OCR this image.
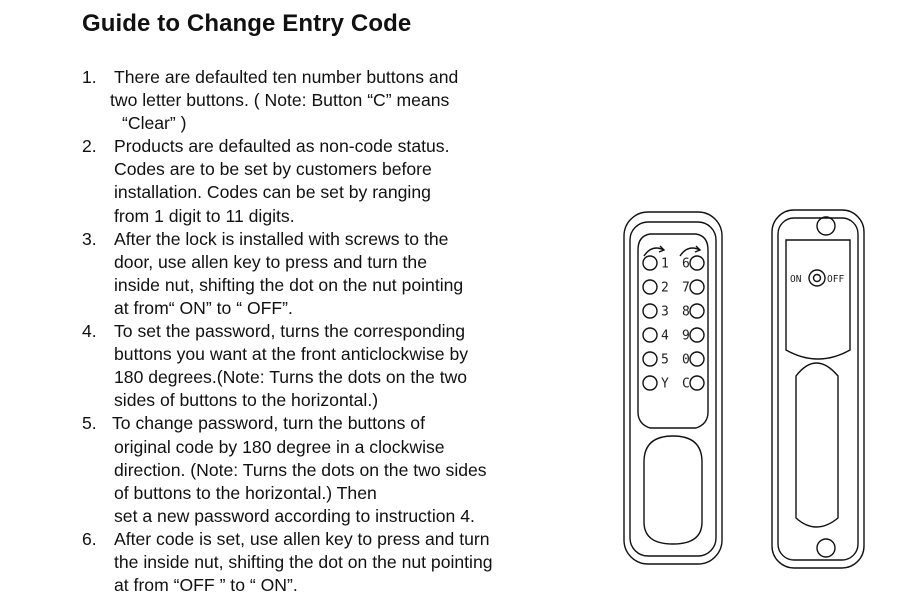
Guide to Change Entry Code
1. There are defaulted ten number buttons and
two letter buttons. ( Note: Button “C” means
“Clear” )
2. Products are defaulted as non-code status.
Codes are to be set by customers before
installation. Codes can be set by ranging
from 1 digit to 11 digits.
3. After the lock is installed with screws to the
door, use allen key to press and turn the
inside nut, shifting the dot on the nut pointing
at from“ ON” to “ OFF”.
4. To set the password, turns the corresponding
buttons you want at the front anticlockwise by
180 degrees.(Note: Turns the dots on the two
sides of buttons to the horizontal.)
5. To change password, turn the buttons of
original code by 180 degree in a clockwise
direction. (Note: Turns the dots on the two sides
of buttons to the horizontal.) Then
set a new password according to instruction 4.
6. After code is set, use allen key to press and turn
the inside nut, shifting the dot on the nut pointing
at from “OFF ” to “ ON”.
1
2
3
4
5
Y
6
7
8
9
0
C
ON	OFF
